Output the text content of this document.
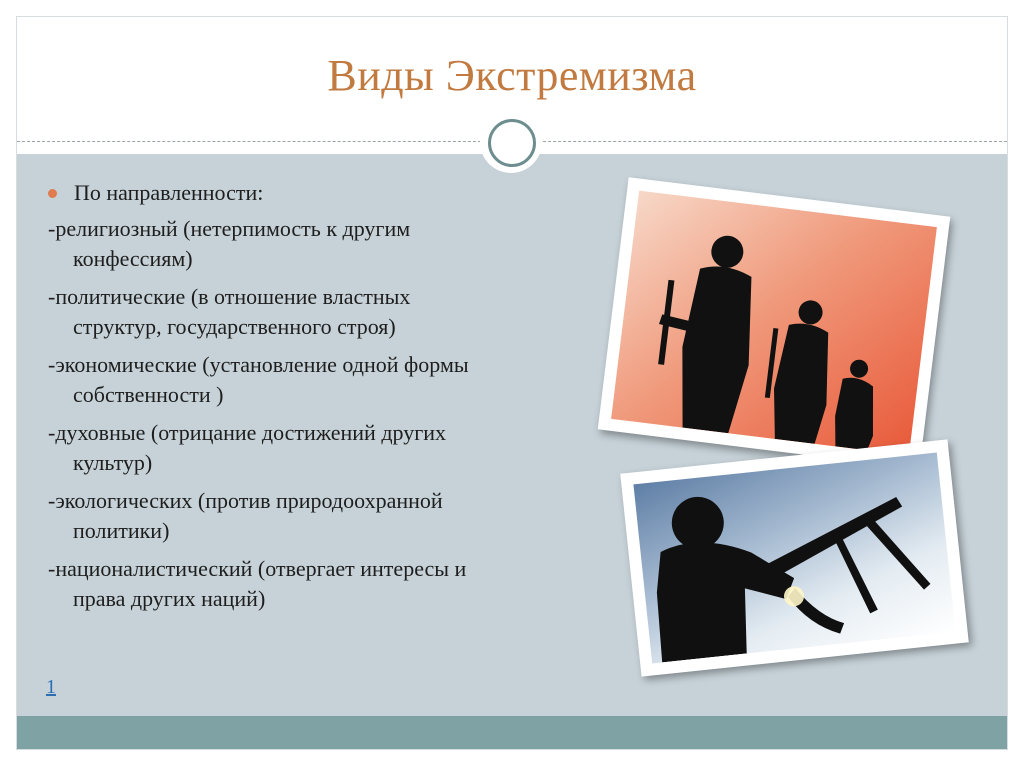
Виды Экстремизма
По направленности:
-религиозный (нетерпимость к другим
конфессиям)
-политические (в отношение властных
структур, государственного строя)
-экономические (установление одной формы
собственности )
-духовные (отрицание достижений других
культур)
-экологических (против природоохранной
политики)
-националистический (отвергает интересы и
права других наций)
1
